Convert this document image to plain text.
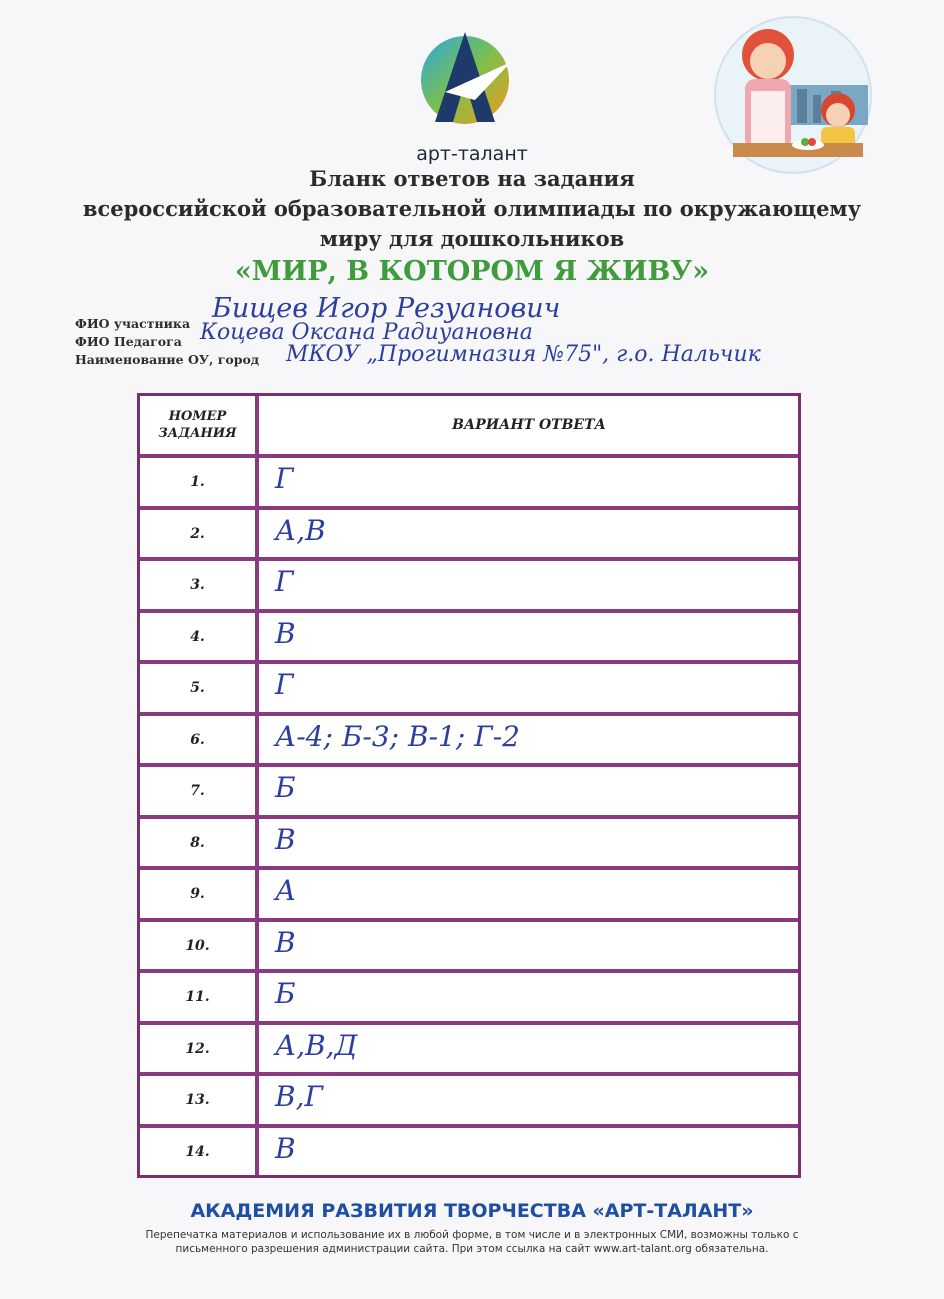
арт-талант
Бланк ответов на задания
всероссийской образовательной олимпиады по окружающему
миру для дошкольников
«МИР, В КОТОРОМ Я ЖИВУ»
ФИО участника Бищев Игор Резуанович
ФИО Педагога Коцева Оксана Радиуановна
Наименование ОУ, город МКОУ „Прогимназия №75", г.о. Нальчик
НОМЕР ЗАДАНИЯ
ВАРИАНТ ОТВЕТА
1.	Г
2.	А,В
3.	Г
4.	В
5.	Г
6.	А-4; Б-3; В-1; Г-2
7.	Б
8.	В
9.	А
10.	В
11.	Б
12.	А,В,Д
13.	В,Г
14.	В
АКАДЕМИЯ РАЗВИТИЯ ТВОРЧЕСТВА «АРТ-ТАЛАНТ»
Перепечатка материалов и использование их в любой форме, в том числе и в электронных СМИ, возможны только с
письменного разрешения администрации сайта. При этом ссылка на сайт www.art-talant.org обязательна.
